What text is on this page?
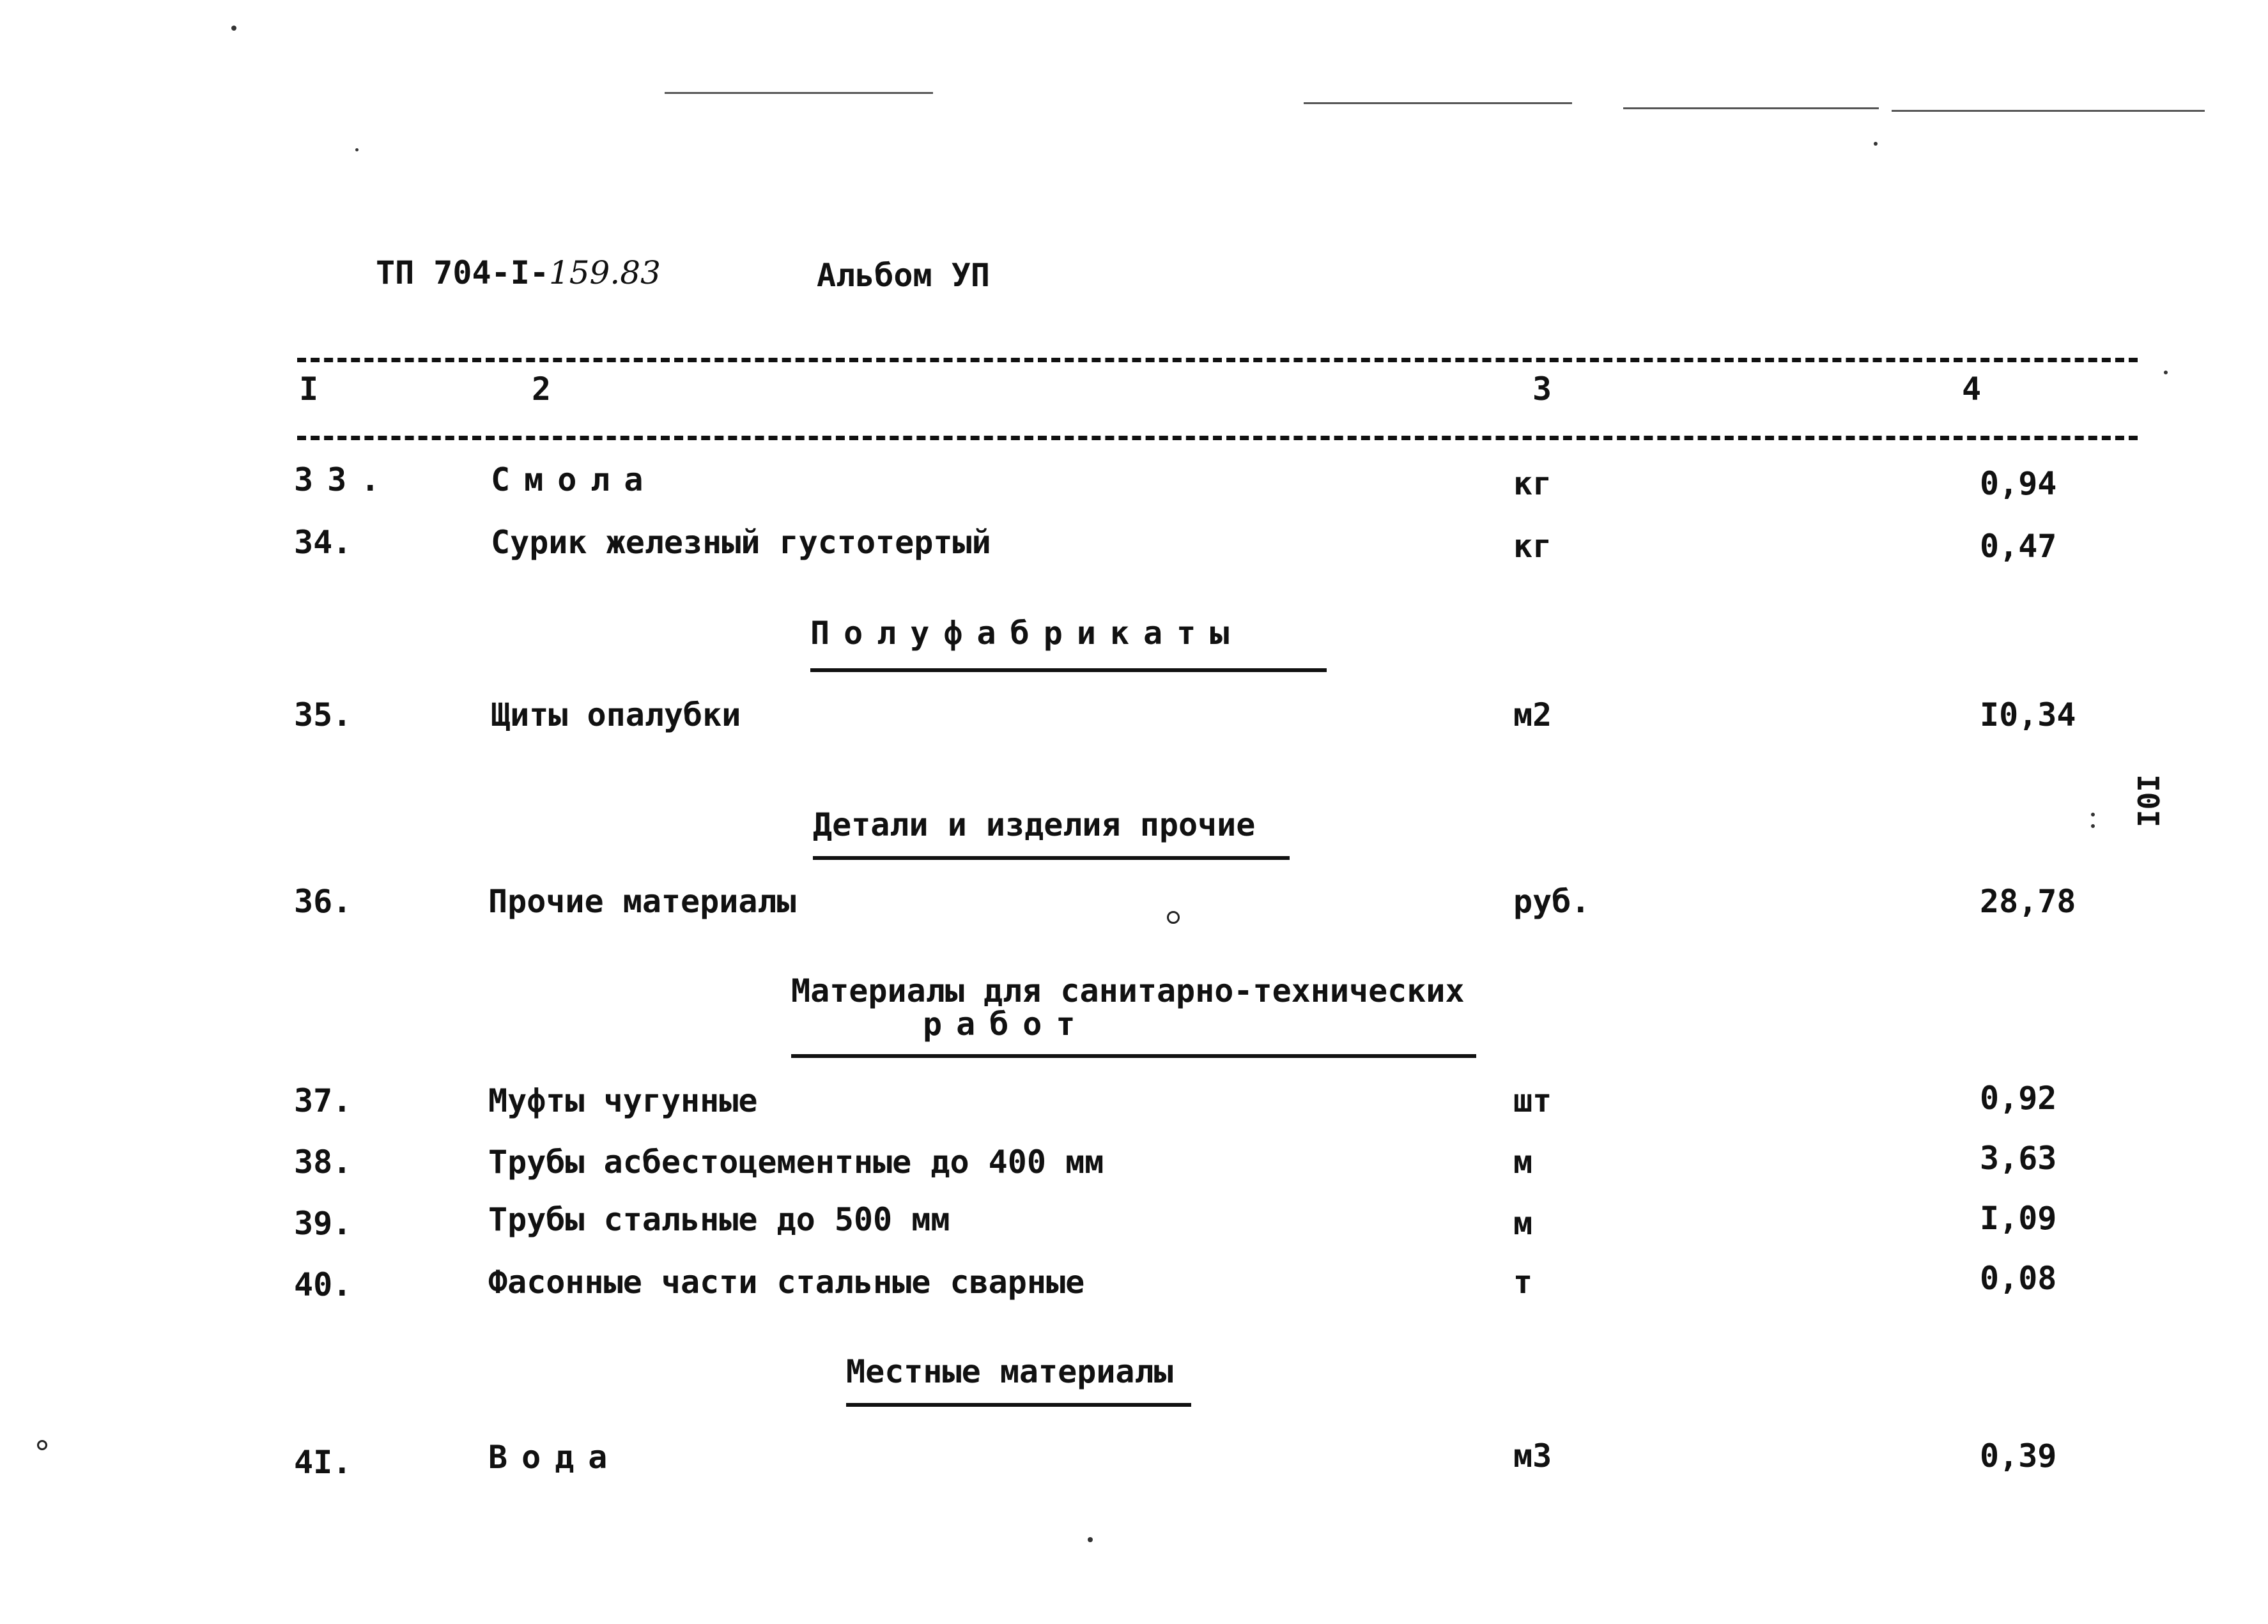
ТП 704-I-159.83	Альбом УП
I	2	3	4
33.	Смола	кг	0,94
34.	Сурик железный густотертый	кг	0,47
Полуфабрикаты
35.	Щиты опалубки	м2	I0,34
I0I
Детали и изделия прочие
36.	Прочие материалы	руб.	28,78
Материалы для санитарно-технических
работ
37.	Муфты чугунные	шт	0,92
38.	Трубы асбестоцементные до 400 мм	м	3,63
39.	Трубы стальные до 500 мм	м	I,09
40.	Фасонные части стальные сварные	т	0,08
Местные материалы
4I.	Вода	м3	0,39
